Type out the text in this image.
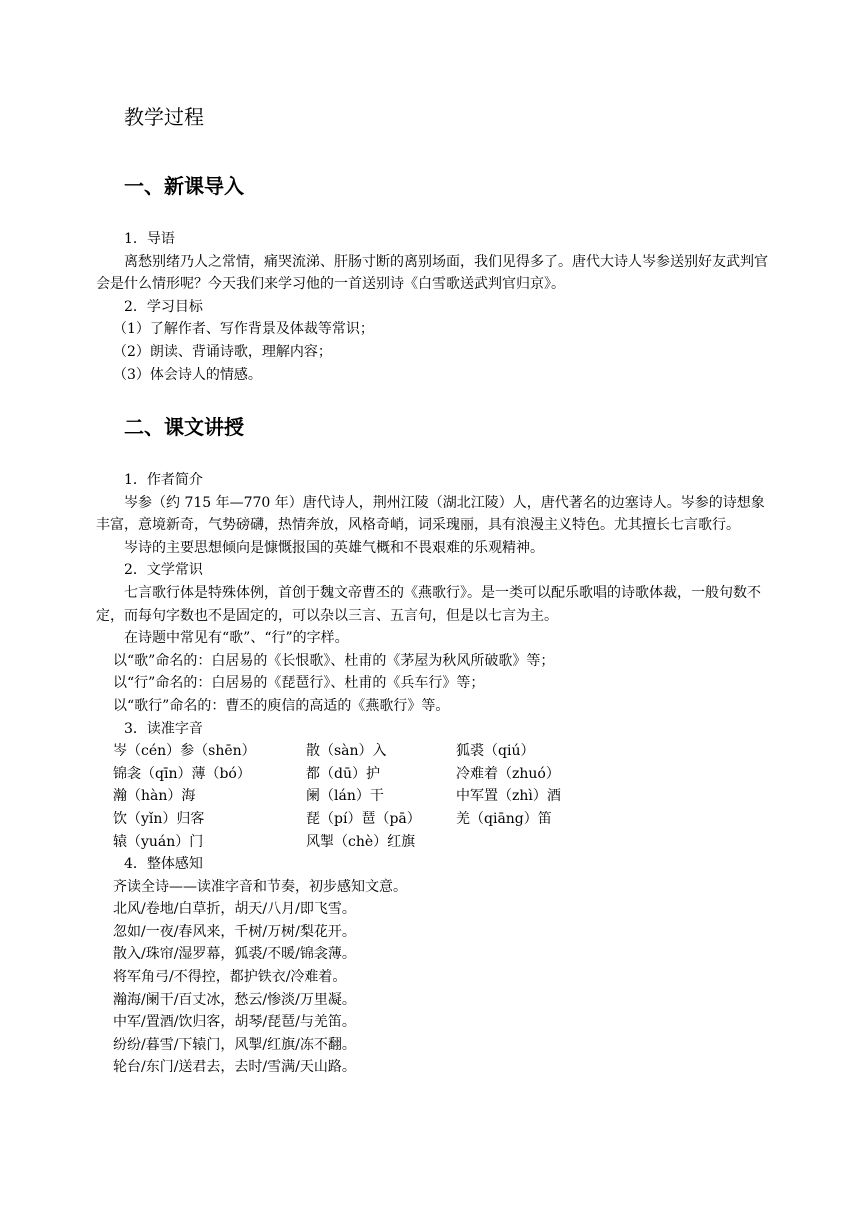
教学过程
一、新课导入

1．导语

离愁别绪乃人之常情，痛哭流涕、肝肠寸断的离别场面，我们见得多了。唐代大诗人岑参送别好友武判官会是什么情形呢？今天我们来学习他的一首送别诗《白雪歌送武判官归京》。

2．学习目标

（1）了解作者、写作背景及体裁等常识；

（2）朗读、背诵诗歌，理解内容；

（3）体会诗人的情感。

二、课文讲授

1．作者简介

岑参（约 715 年—770 年）唐代诗人，荆州江陵（湖北江陵）人，唐代著名的边塞诗人。岑参的诗想象丰富，意境新奇，气势磅礴，热情奔放，风格奇峭，词采瑰丽，具有浪漫主义特色。尤其擅长七言歌行。

岑诗的主要思想倾向是慷慨报国的英雄气概和不畏艰难的乐观精神。

2．文学常识

七言歌行体是特殊体例，首创于魏文帝曹丕的《燕歌行》。是一类可以配乐歌唱的诗歌体裁，一般句数不定，而每句字数也不是固定的，可以杂以三言、五言句，但是以七言为主。

在诗题中常见有“歌”、“行”的字样。

以“歌”命名的：白居易的《长恨歌》、杜甫的《茅屋为秋风所破歌》等；

以“行”命名的：白居易的《琵琶行》、杜甫的《兵车行》等；

以“歌行”命名的：曹丕的庾信的高适的《燕歌行》等。

3．读准字音

岑（cén）参（shēn）	散（sàn）入	狐裘（qiú）
锦衾（qīn）薄（bó）	都（dū）护	冷难着（zhuó）
瀚（hàn）海	阑（lán）干	中军置（zhì）酒
饮（yǐn）归客	琵（pí）琶（pā）	羌（qiāng）笛
辕（yuán）门	风掣（chè）红旗

4．整体感知

齐读全诗——读准字音和节奏，初步感知文意。

北风/卷地/白草折，胡天/八月/即飞雪。

忽如/一夜/春风来，千树/万树/梨花开。

散入/珠帘/湿罗幕，狐裘/不暖/锦衾薄。

将军角弓/不得控，都护铁衣/冷难着。

瀚海/阑干/百丈冰，愁云/惨淡/万里凝。

中军/置酒/饮归客，胡琴/琵琶/与羌笛。

纷纷/暮雪/下辕门，风掣/红旗/冻不翻。

轮台/东门/送君去，去时/雪满/天山路。
